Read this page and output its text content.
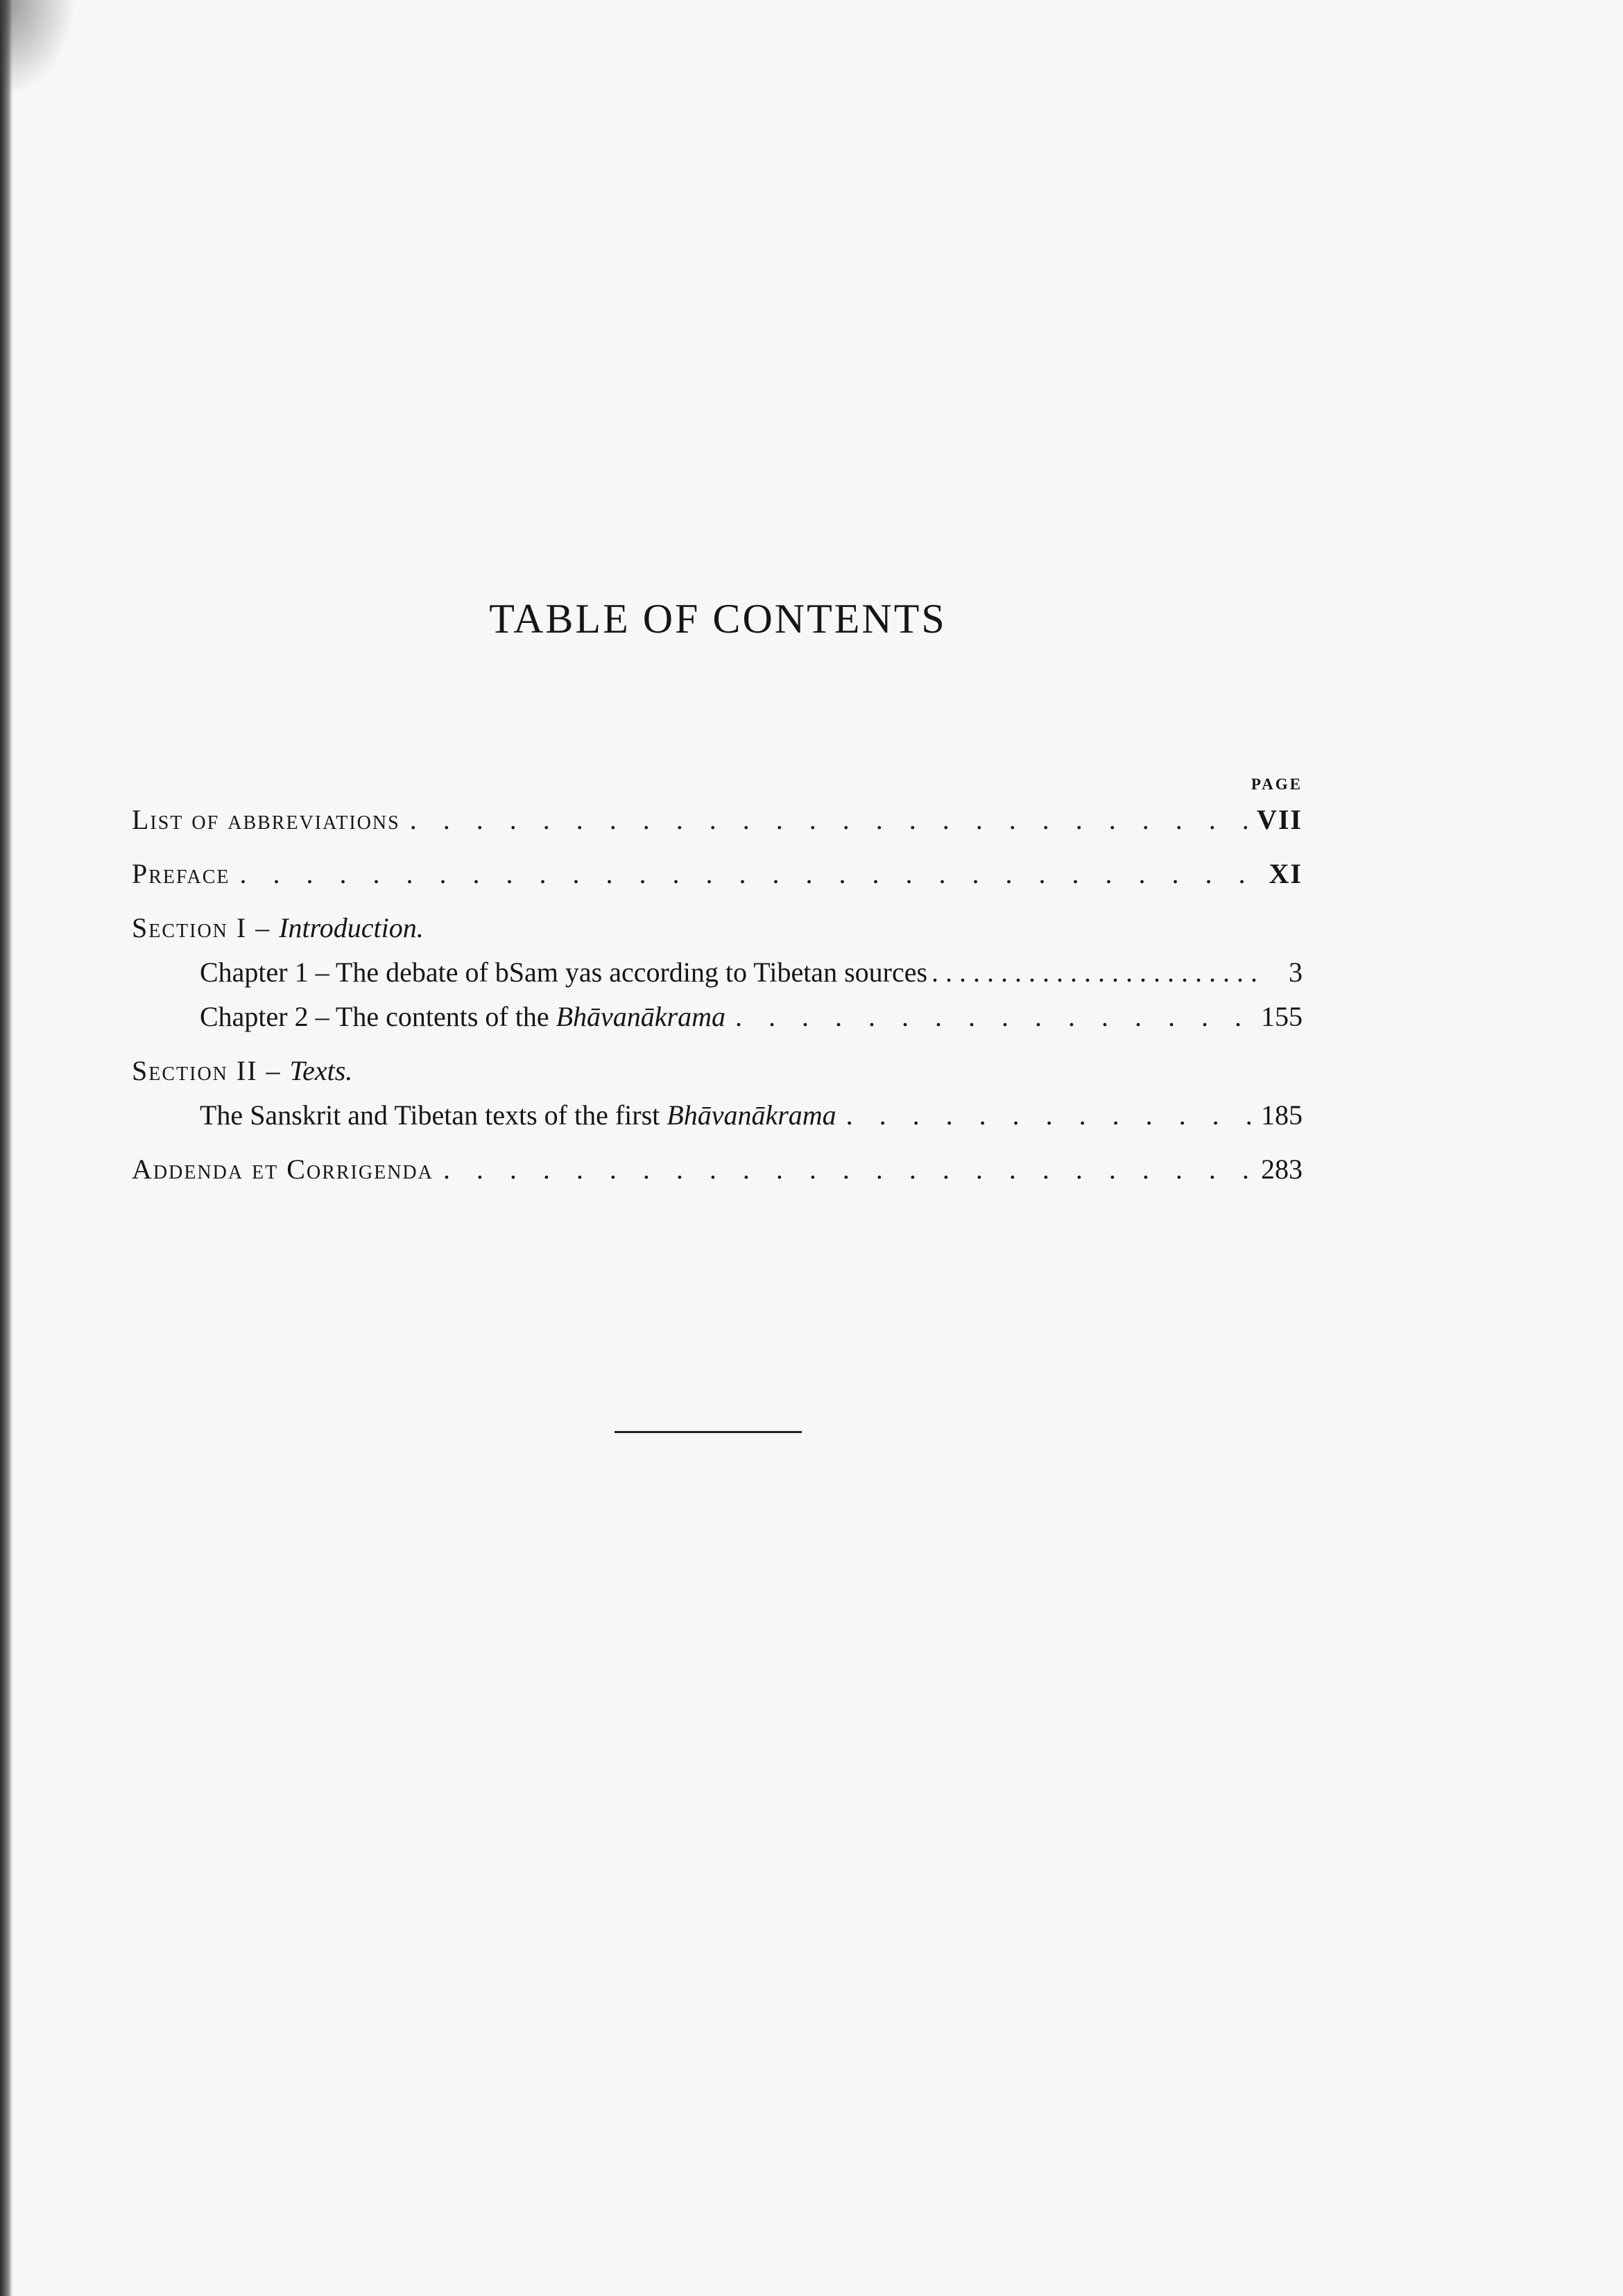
TABLE OF CONTENTS
PAGE
List of abbreviations . . .	VII
Preface . . .	XI
Section I – Introduction.
Chapter 1 – The debate of bSam yas according to Tibetan sources . . .	3
Chapter 2 – The contents of the Bhāvanākrama . . .	155
Section II – Texts.
The Sanskrit and Tibetan texts of the first Bhāvanākrama . . .	185
Addenda et Corrigenda . . .	283
